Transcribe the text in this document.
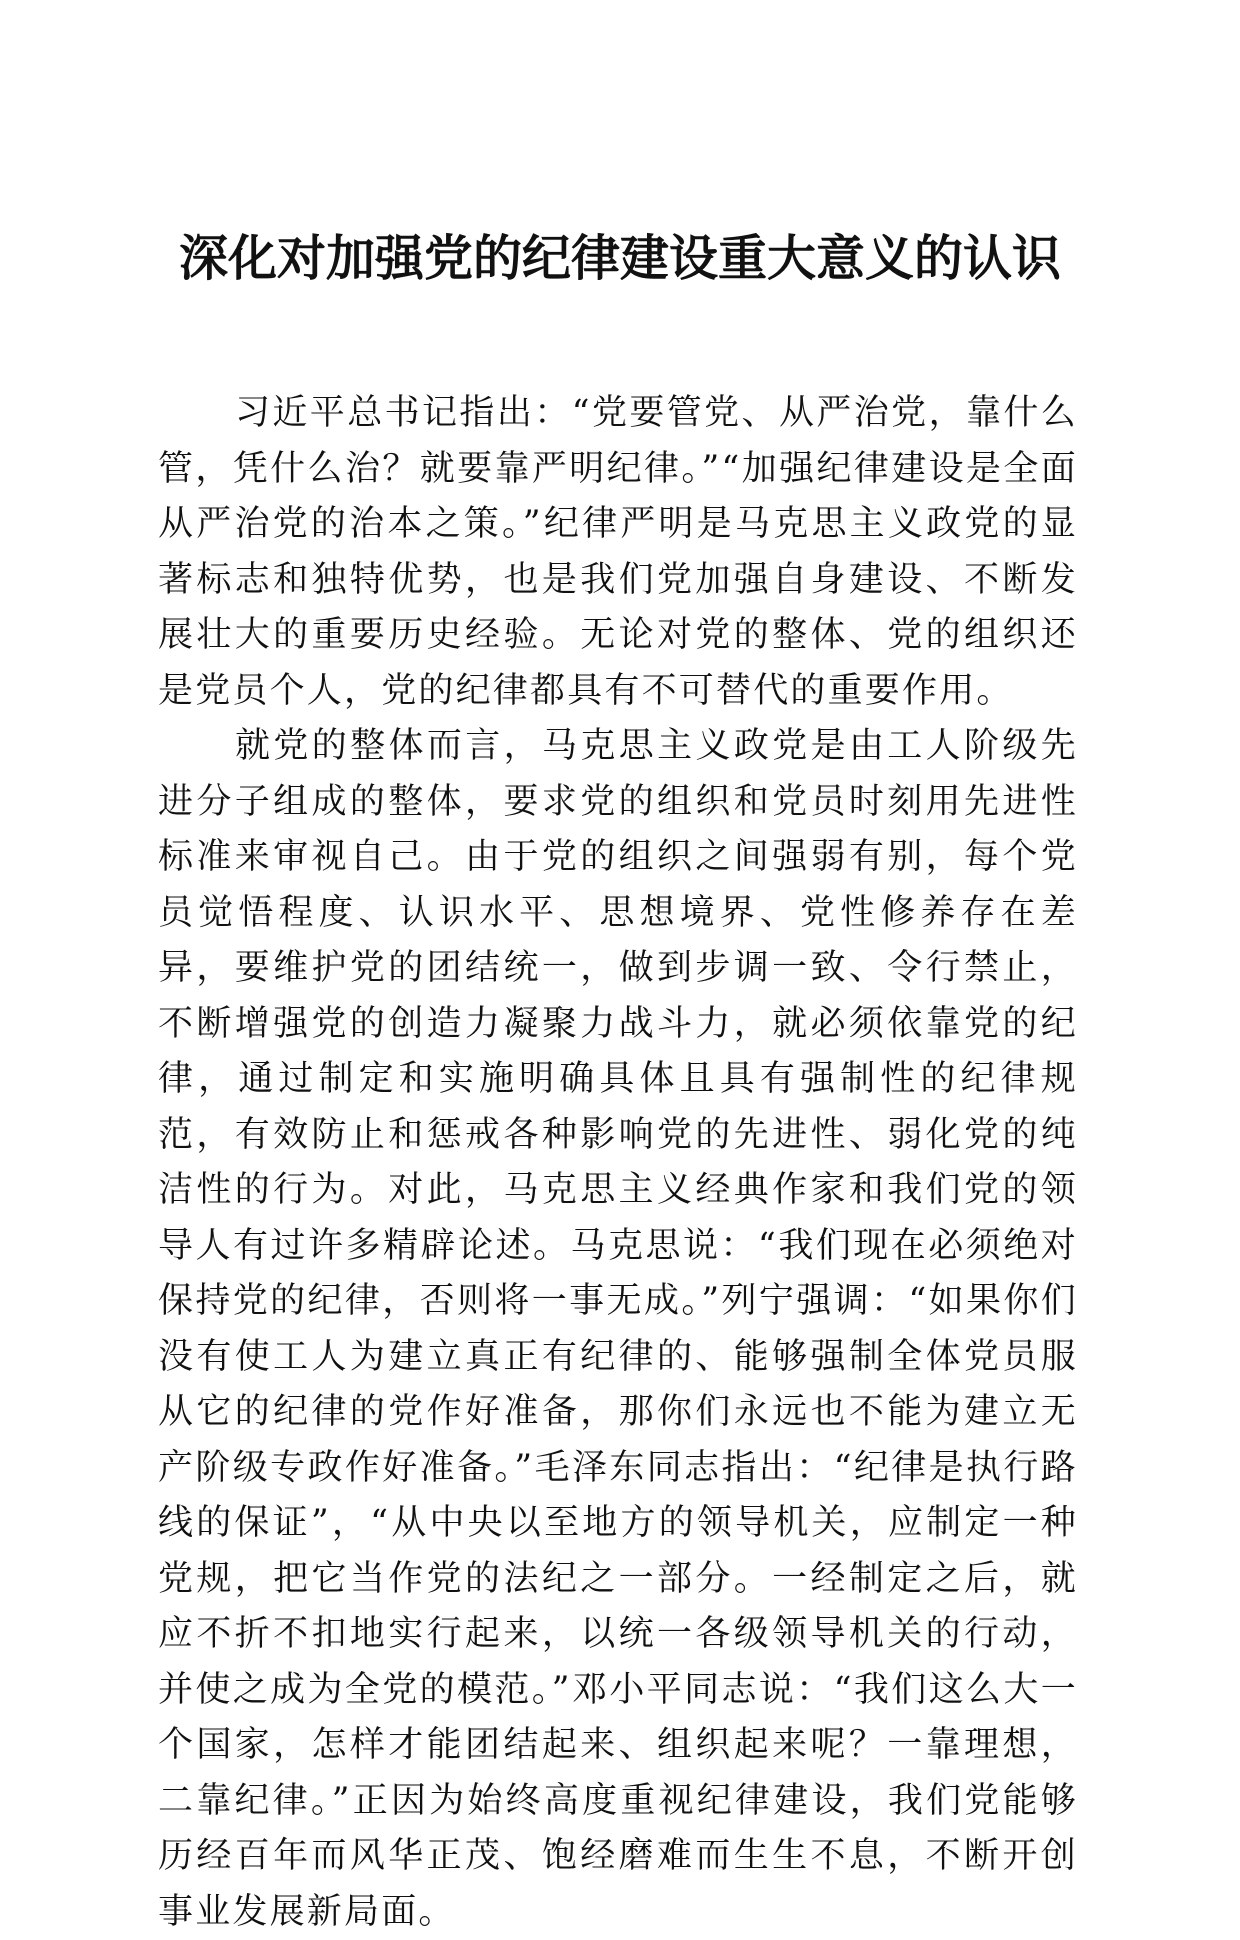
深化对加强党的纪律建设重大意义的认识

习近平总书记指出：“党要管党、从严治党，靠什么管，凭什么治？就要靠严明纪律。”“加强纪律建设是全面从严治党的治本之策。”纪律严明是马克思主义政党的显著标志和独特优势，也是我们党加强自身建设、不断发展壮大的重要历史经验。无论对党的整体、党的组织还是党员个人，党的纪律都具有不可替代的重要作用。

就党的整体而言，马克思主义政党是由工人阶级先进分子组成的整体，要求党的组织和党员时刻用先进性标准来审视自己。由于党的组织之间强弱有别，每个党员觉悟程度、认识水平、思想境界、党性修养存在差异，要维护党的团结统一，做到步调一致、令行禁止，不断增强党的创造力凝聚力战斗力，就必须依靠党的纪律，通过制定和实施明确具体且具有强制性的纪律规范，有效防止和惩戒各种影响党的先进性、弱化党的纯洁性的行为。对此，马克思主义经典作家和我们党的领导人有过许多精辟论述。马克思说：“我们现在必须绝对保持党的纪律，否则将一事无成。”列宁强调：“如果你们没有使工人为建立真正有纪律的、能够强制全体党员服从它的纪律的党作好准备，那你们永远也不能为建立无产阶级专政作好准备。”毛泽东同志指出：“纪律是执行路线的保证”，“从中央以至地方的领导机关，应制定一种党规，把它当作党的法纪之一部分。一经制定之后，就应不折不扣地实行起来，以统一各级领导机关的行动，并使之成为全党的模范。”邓小平同志说：“我们这么大一个国家，怎样才能团结起来、组织起来呢？一靠理想，二靠纪律。”正因为始终高度重视纪律建设，我们党能够历经百年而风华正茂、饱经磨难而生生不息，不断开创事业发展新局面。
